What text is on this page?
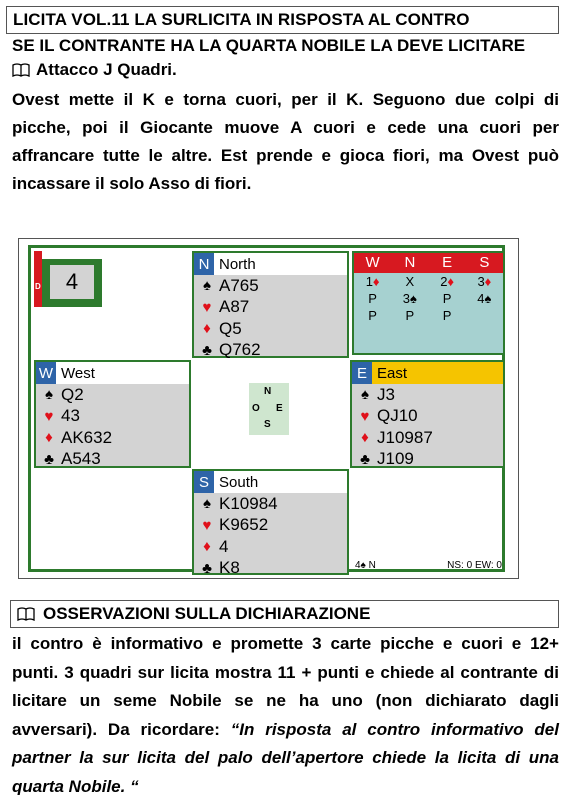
LICITA VOL.11 LA SURLICITA IN RISPOSTA AL CONTRO
SE IL CONTRANTE HA LA QUARTA NOBILE LA DEVE LICITARE
Attacco J Quadri.
Ovest mette il K e torna cuori, per il K. Seguono due colpi di picche, poi il Giocante muove A cuori e cede una cuori per affrancare tutte le altre. Est prende e gioca fiori, ma Ovest può incassare il solo Asso di fiori.
4
D
N North
♠ A765
♥ A87
♦ Q5
♣ Q762
W	N	E	S
1♦	X	2♦	3♦
P	3♠	P	4♠
P	P	P
W West
♠ Q2
♥ 43
♦ AK632
♣ A543
N
O E
S
E East
♠ J3
♥ QJ10
♦ J10987
♣ J109
S South
♠ K10984
♥ K9652
♦ 4
♣ K8	4♠ N	NS: 0 EW: 0
OSSERVAZIONI SULLA DICHIARAZIONE
il contro è informativo e promette 3 carte picche e cuori e 12+ punti. 3 quadri sur licita mostra 11 + punti e chiede al contrante di licitare un seme Nobile se ne ha uno (non dichiarato dagli avversari). Da ricordare: “In risposta al contro informativo del partner la sur licita del palo dell’apertore chiede la licita di una quarta Nobile. “
